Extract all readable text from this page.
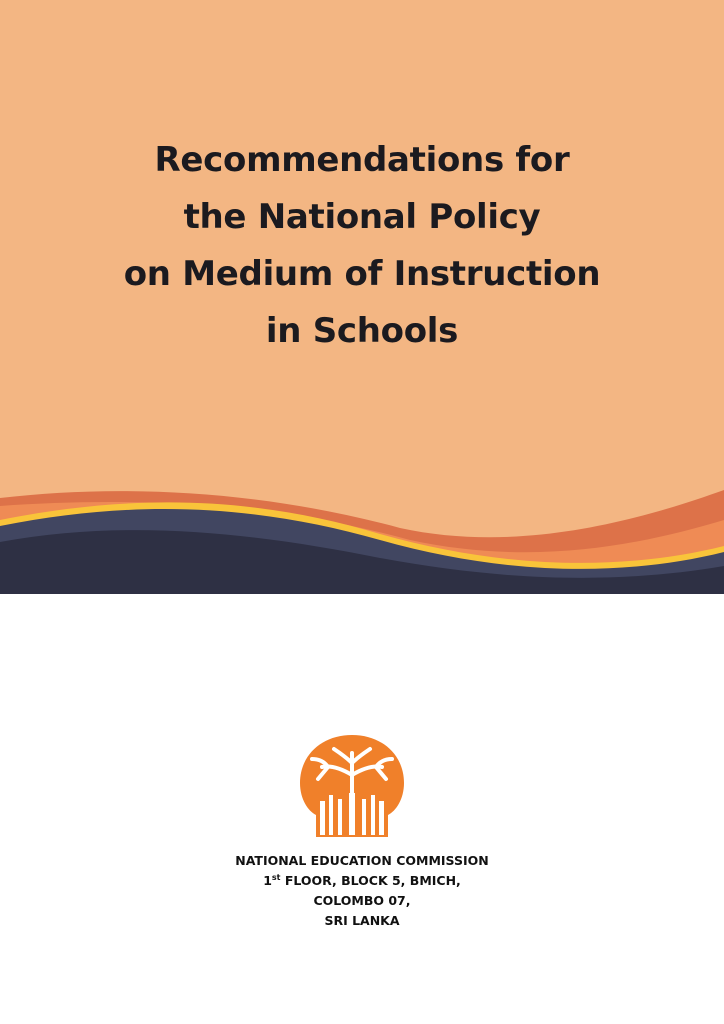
Recommendations for
the National Policy
on Medium of Instruction
in Schools
NATIONAL EDUCATION COMMISSION
1st FLOOR, BLOCK 5, BMICH,
COLOMBO 07,
SRI LANKA
